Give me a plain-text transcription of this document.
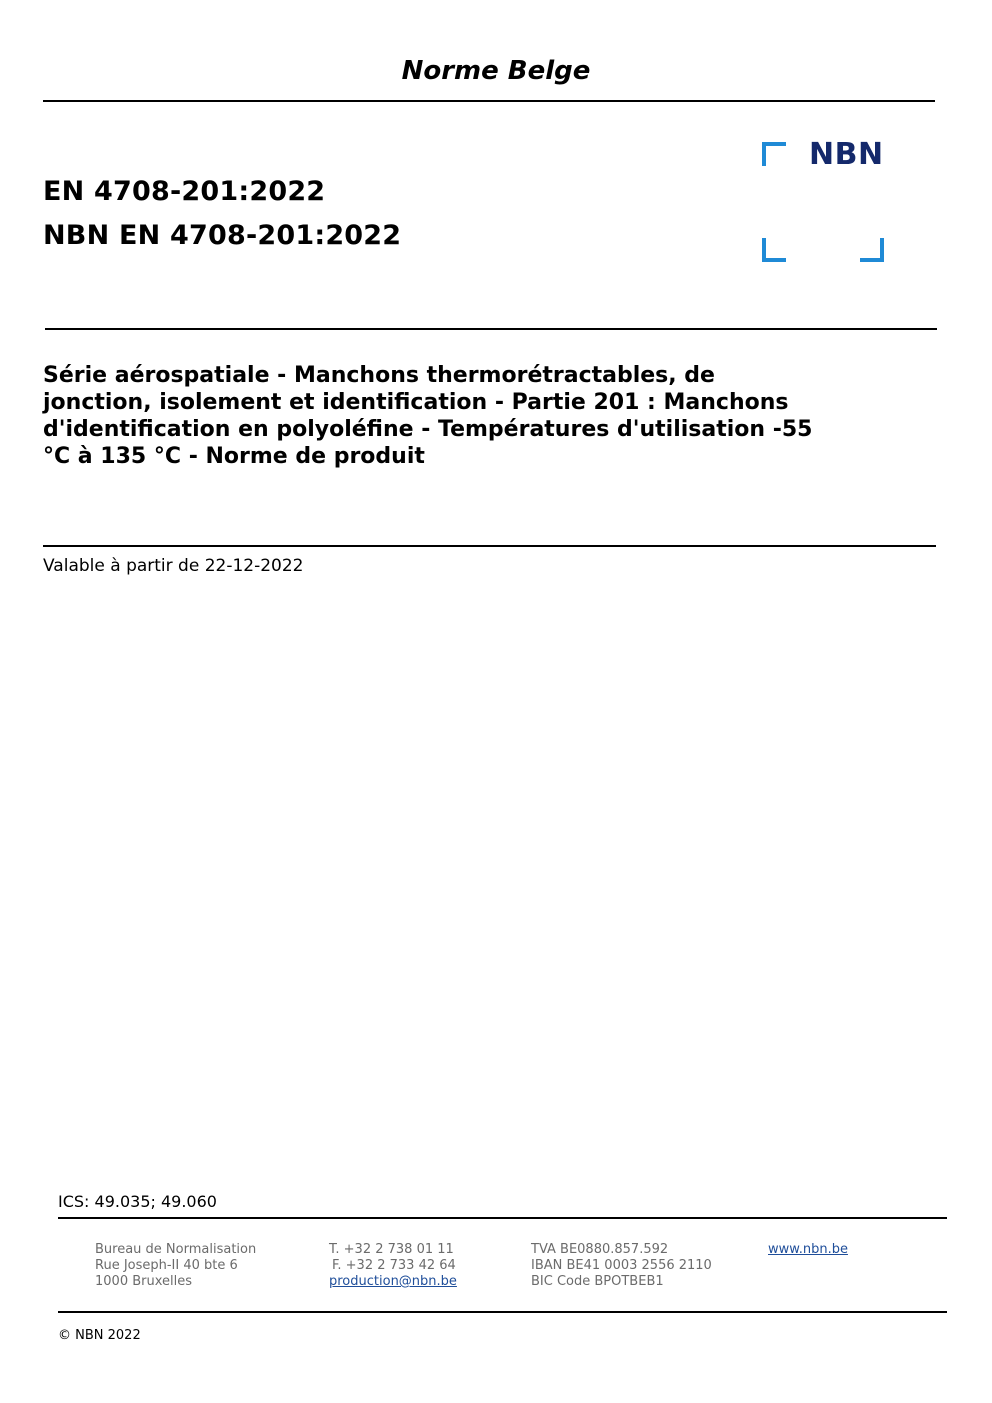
Norme Belge
NBN
EN 4708-201:2022
NBN EN 4708-201:2022
Série aérospatiale - Manchons thermorétractables, de
jonction, isolement et identification - Partie 201 : Manchons
d'identification en polyoléfine - Températures d'utilisation -55
°C à 135 °C - Norme de produit
Valable à partir de 22-12-2022
ICS: 49.035; 49.060
Bureau de Normalisation
Rue Joseph-II 40 bte 6
1000 Bruxelles
T. +32 2 738 01 11
F. +32 2 733 42 64
production@nbn.be
TVA BE0880.857.592
IBAN BE41 0003 2556 2110
BIC Code BPOTBEB1
www.nbn.be
© NBN 2022
